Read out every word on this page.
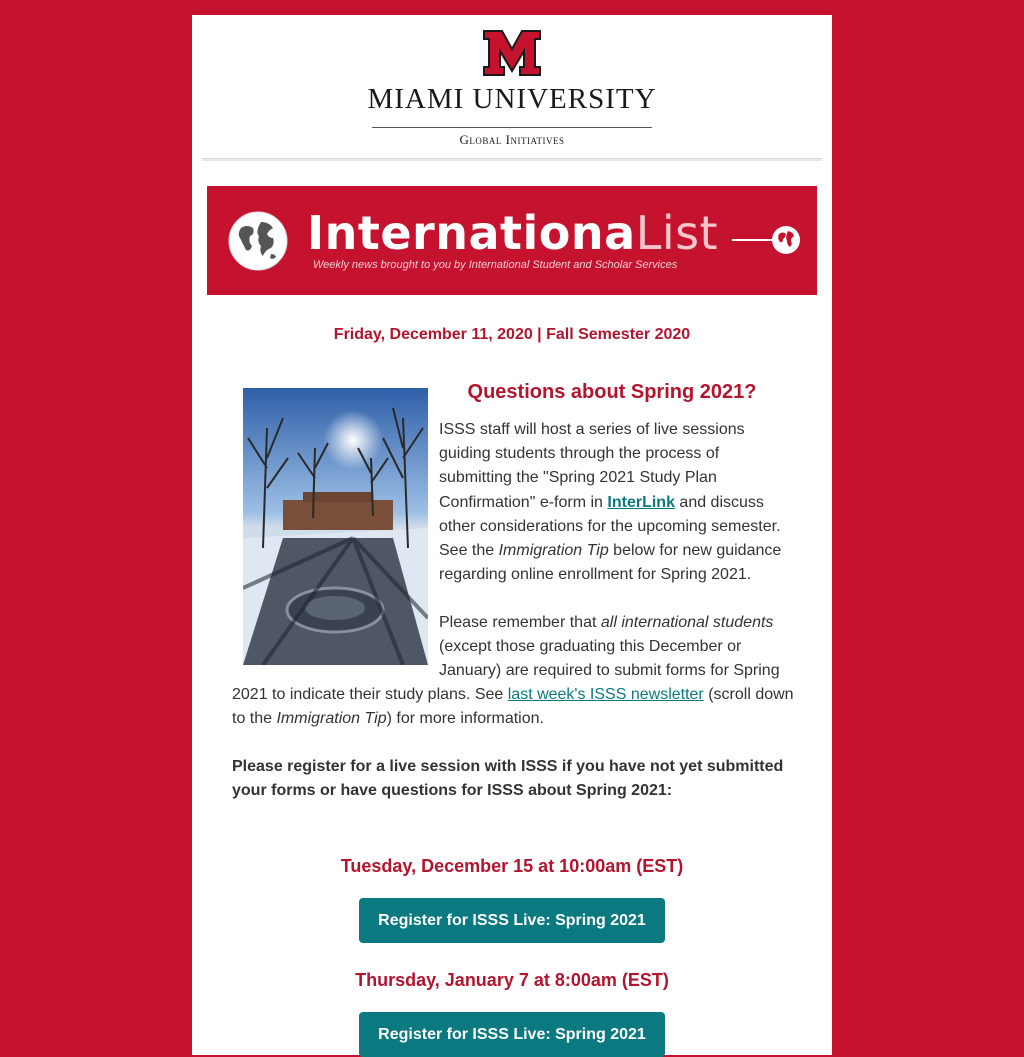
MIAMI UNIVERSITY
Global Initiatives
InternationaList
Weekly news brought to you by International Student and Scholar Services
Friday, December 11, 2020 | Fall Semester 2020
Questions about Spring 2021?
ISSS staff will host a series of live sessions guiding students through the process of submitting the "Spring 2021 Study Plan Confirmation" e-form in InterLink and discuss other considerations for the upcoming semester. See the Immigration Tip below for new guidance regarding online enrollment for Spring 2021.
Please remember that all international students (except those graduating this December or January) are required to submit forms for Spring
2021 to indicate their study plans. See last week's ISSS newsletter (scroll down to the Immigration Tip) for more information.
Please register for a live session with ISSS if you have not yet submitted your forms or have questions for ISSS about Spring 2021:
Tuesday, December 15 at 10:00am (EST)
Register for ISSS Live: Spring 2021
Thursday, January 7 at 8:00am (EST)
Register for ISSS Live: Spring 2021
